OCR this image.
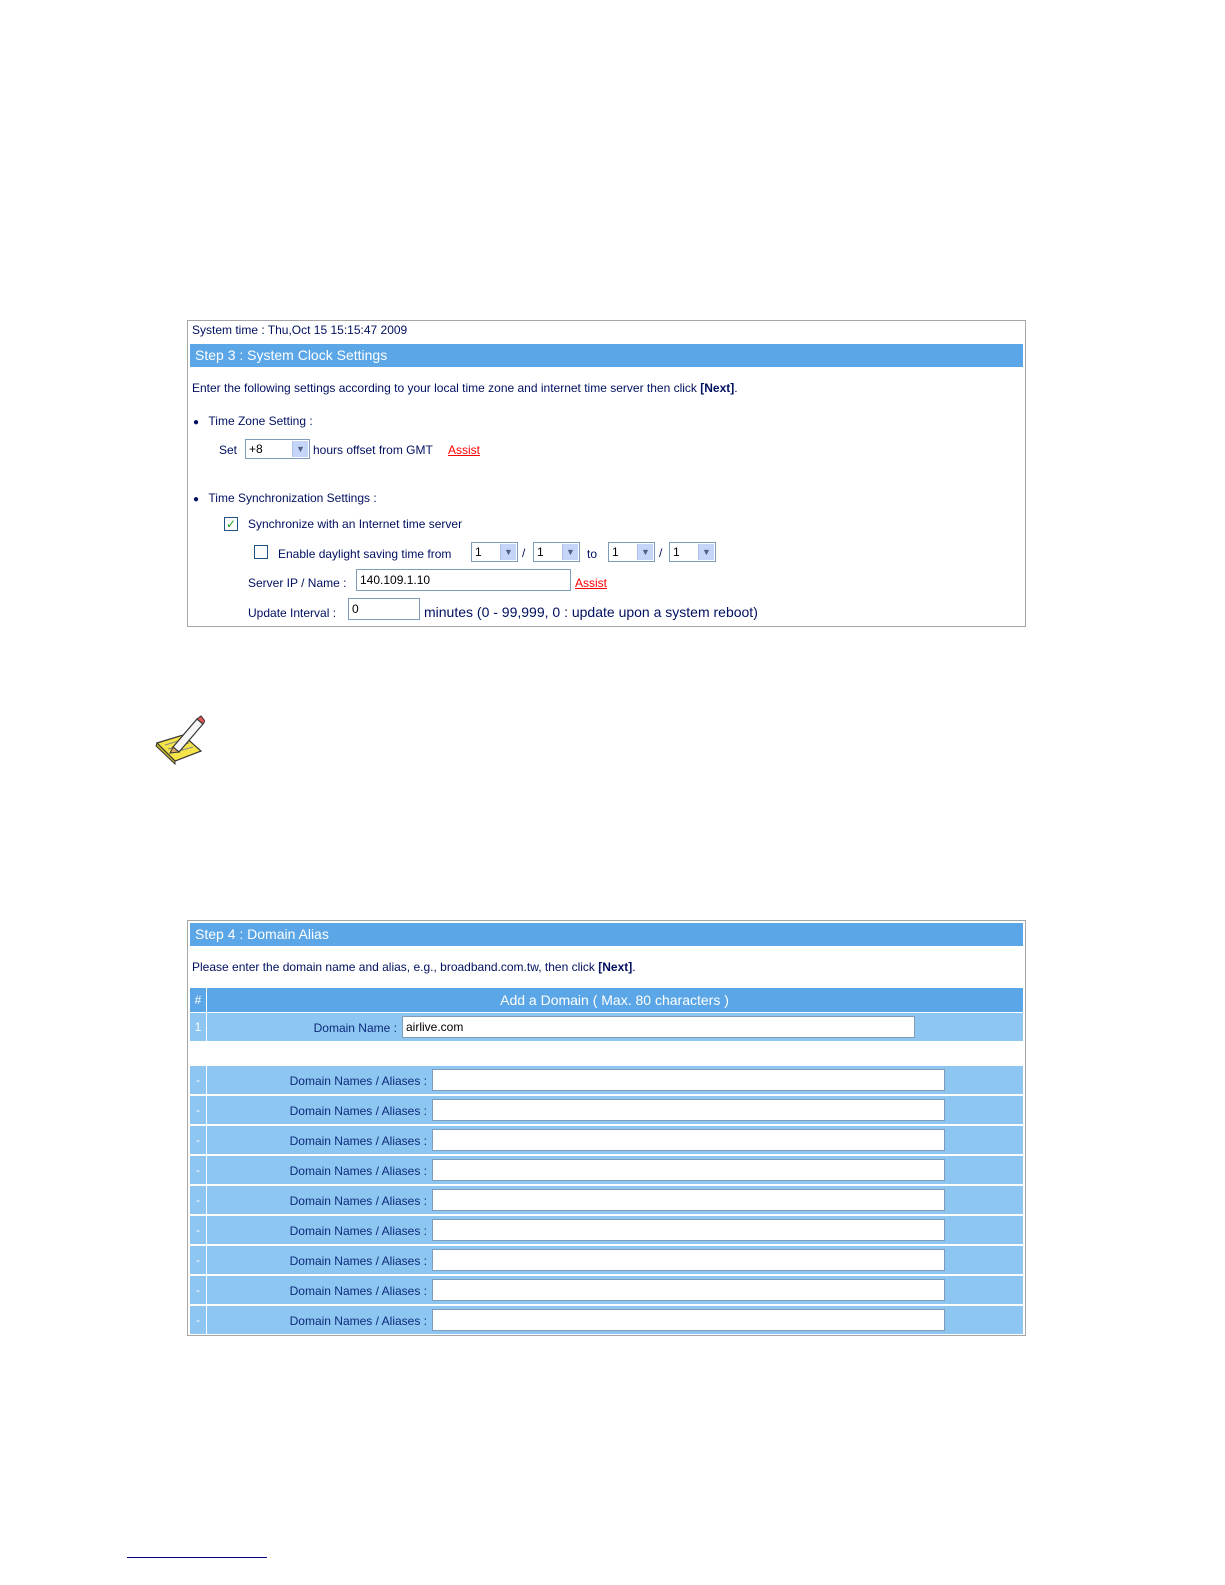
System time : Thu,Oct 15 15:15:47 2009
Step 3 : System Clock Settings
Enter the following settings according to your local time zone and internet time server then click [Next].
● Time Zone Setting :
Set +8	▼ hours offset from GMT Assist
● Time Synchronization Settings :
✓ Synchronize with an Internet time server
Enable daylight saving time from	1	▼ / 1	▼ to	1	▼ / 1	▼
Server IP / Name :
140.109.1.10	Assist
Update Interval :
0	minutes (0 - 99,999, 0 : update upon a system reboot)
Step 4 : Domain Alias
Please enter the domain name and alias, e.g., broadband.com.tw, then click [Next].
#	Add a Domain ( Max. 80 characters )
1	Domain Name :
airlive.com
-	Domain Names / Aliases :
-	Domain Names / Aliases :
-	Domain Names / Aliases :
-	Domain Names / Aliases :
-	Domain Names / Aliases :
-	Domain Names / Aliases :
-	Domain Names / Aliases :
-	Domain Names / Aliases :
-	Domain Names / Aliases :
